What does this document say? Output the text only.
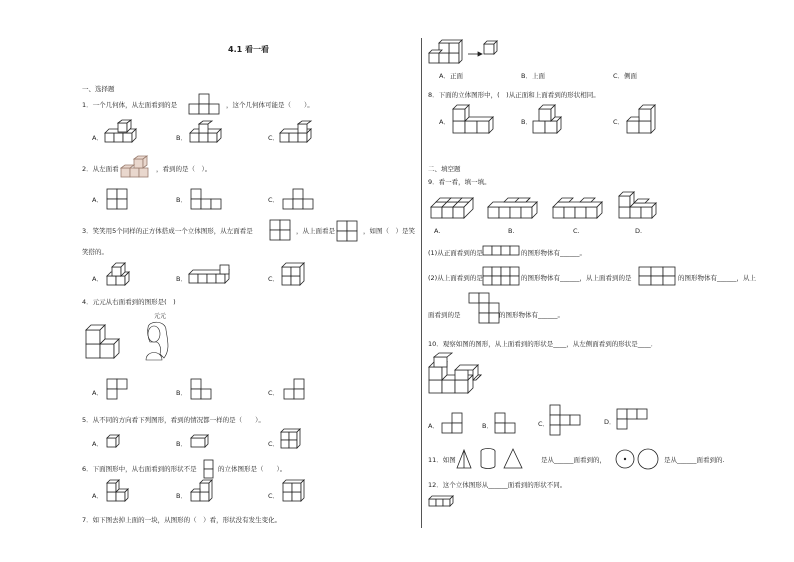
4.1 看一看
一、选择题
1．一个几何体，从左面看到的是	，这个几何体可能是（　　）。
A．	B．	C．
2．从左面看	，看到的是（　）。
A．	B．	C．
3．笑笑用5个同样的正方体搭成一个立体图形，从左面看是	，从上面看是	，如图（　）是笑
笑搭的。
A．	B．	C．
4．元元从右面看到的图形是(　)
元元
A．	B．	C．
5．从不同的方向看下列图形，看到的情况都一样的是（　　）。
A．	B．	C．
6．下面图形中，从右面看到的形状不是	的立体图形是（　　）。
A．	B．	C．
7．如下图去掉上面的一块，从图形的（　）看，形状没有发生变化。
A．正面	B．上面	C．侧面
8．下面的立体图形中，(　)从正面和上面看到的形状相同。
A．	B．	C．
二、填空题
9．看一看，填一填。
A.	B.	C.	D.
(1)从正面看到的是	的图形物体有______。
(2)从上面看到的是	的图形物体有______，从上面看到的是	的图形物体有______，从上
面看到的是	的图形物体有______。
10．观察如图的图形，从上面看到的形状是____，从左侧面看到的形状是____．
A．	B．	C．	D．
11．如图	是从______面看到的，	是从______面看到的.
12．这个立体图形从______面看到的形状不同。
